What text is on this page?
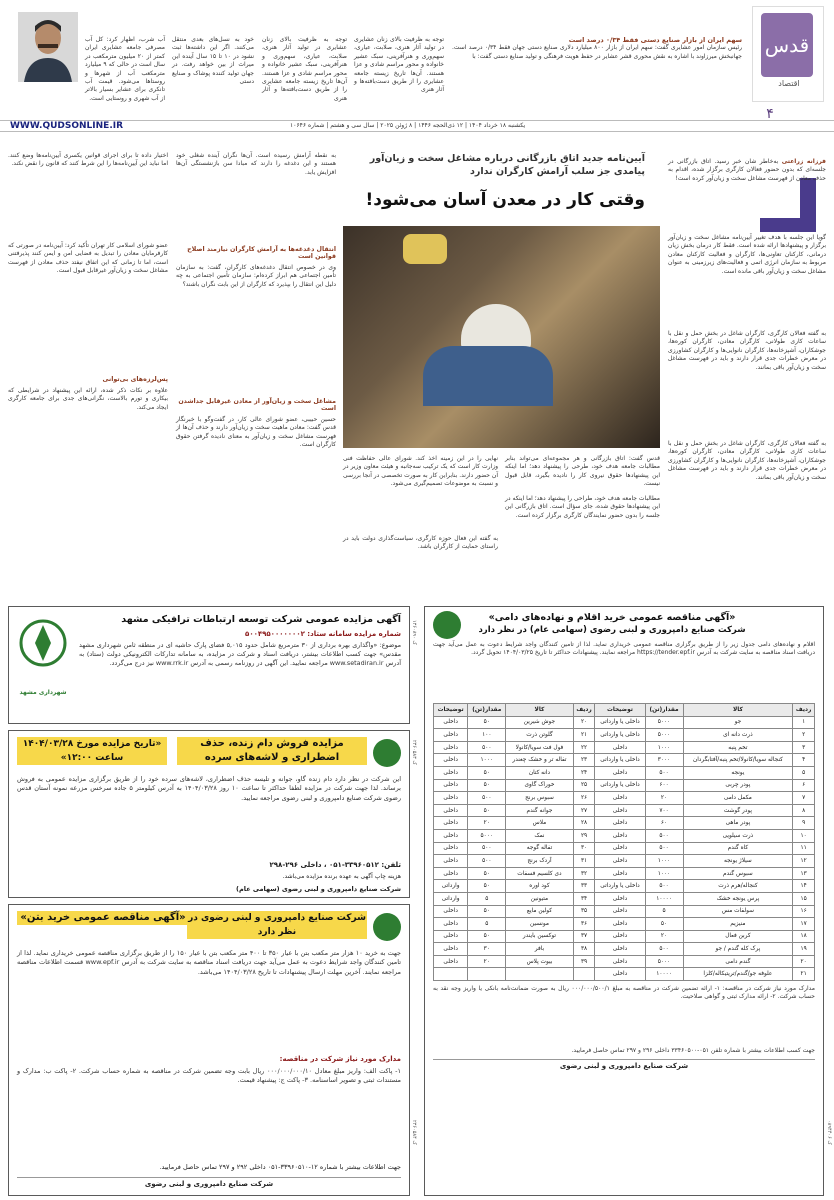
قدس
اقتصاد
۴
آب شرب، اظهار کرد: کل آب مصرفی جامعه عشایری ایران کمتر از ۲۰ میلیون مترمکعب در سال است در حالی که ۹ میلیارد مترمکعب آب از شهرها و روستاها می‌شود. قیمت آب تانکری برای عشایر بسیار بالاتر از آب شهری و روستایی است.
خود به نسل‌های بعدی منتقل می‌کنند. اگر این داشته‌ها ثبت نشود در ۱۰ تا ۱۵ سال آینده این میراث از بین خواهد رفت. در جهان تولید کننده پوشاک و صنایع دستی
توجه به ظرفیت بالای زنان عشایری در تولید آثار هنری، صلابت، عیاری، سهم‌وری و هنرآفرینی، سبک عشیر خانواده و محور مراسم شادی و عزا هستند. آن‌ها تاریخ زیسته جامعه عشایری را از طریق دست‌بافته‌ها و آثار هنری
توجه به ظرفیت بالای زنان عشایری در تولید آثار هنری، صلابت، عیاری، سهم‌وری و هنرآفرینی، سبک عشیر خانواده و محور مراسم شادی و عزا هستند. آن‌ها تاریخ زیسته جامعه عشایری را از طریق دست‌بافته‌ها و آثار هنری
سهم ایران از بازار صنایع دستی فقط ۰/۳۴ درصد است
رئیس سازمان امور عشایری گفت: سهم ایران از بازار ۸۰۰ میلیارد دلاری صنایع دستی جهان فقط ۰/۳۴ درصد است. جهانبخش میرزاوند با اشاره به نقش محوری قشر عشایر در حفظ هویت فرهنگی و تولید صنایع دستی گفت: با
WWW.QUDSONLINE.IR	یکشنبه ۱۸ خرداد ۱۴۰۴ | ۱۲ ذی‌الحجه ۱۴۴۶ | ۸ ژوئن ۲۰۲۵ | سال سی و هشتم | شماره ۱۰۶۴۶
آیین‌نامه جدید اتاق بازرگانی درباره مشاغل سخت و زیان‌آور پیامدی جز سلب آرامش کارگران ندارد
وقتی کار در معدن آسان می‌شود!
فرزانه زراعتی به‌خاطر شان خبر رسید. اتاق بازرگانی در جلسه‌ای که بدون حضور فعالان کارگری برگزار شده، اقدام به حذف معادن از فهرست مشاغل سخت و زیان‌آور کرده است!
گویا این جلسه با هدف تغییر آیین‌نامه مشاغل سخت و زیان‌آور برگزار و پیشنهادها ارائه شده است. فقط کار درمان بخش زیان درمانی، کارکنان تعاونی‌ها، کارگران و فعالیت کارکنان معادن مربوط به سازمان انرژی اتمی و فعالیت‌های زیرزمینی به عنوان مشاغل سخت و زیان‌آور باقی مانده است.
به گفته فعالان کارگری، کارگران شاغل در بخش حمل و نقل با ساعات کاری طولانی، کارگران معادن، کارگران کوره‌ها، جوشکاران، آشپزخانه‌ها، کارگران نانوایی‌ها و کارگران کشاورزی در معرض خطرات جدی قرار دارند و باید در فهرست مشاغل سخت و زیان‌آور باقی بمانند.
به گفته فعالان کارگری، کارگران شاغل در بخش حمل و نقل با ساعات کاری طولانی، کارگران معادن، کارگران کوره‌ها، جوشکاران، آشپزخانه‌ها، کارگران نانوایی‌ها و کارگران کشاورزی در معرض خطرات جدی قرار دارند و باید در فهرست مشاغل سخت و زیان‌آور باقی بمانند.
قدس گفت: اتاق بازرگانی و هر مجموعه‌ای می‌تواند بنابر مطالبات جامعه هدف خود، طرحی را پیشنهاد دهد؛ اما اینکه این پیشنهادها حقوق نیروی کار را نادیده بگیرد، قابل قبول نیست.
مطالبات جامعه هدف خود، طراحی را پیشنهاد دهد؛ اما اینکه در این پیشنهادها حقوق شده، جای سؤال است. اتاق بازرگانی این جلسه را بدون حضور نمایندگان کارگری برگزار کرده است.
نهایی را در این زمینه اخذ کند. شورای عالی حفاظت فنی وزارت کار است که یک ترکیب سه‌جانبه و هیئت معاون وزیر در آن حضور دارند. بنابراین کار به صورت تخصصی در آنجا بررسی و نسبت به موضوعات تصمیم‌گیری می‌شود.
به گفته این فعال حوزه کارگری، سیاست‌گذاری دولت باید در راستای حمایت از کارگران باشد.
به نقطه آرامش رسیده است. آن‌ها نگران آینده شغلی خود هستند و این دغدغه را دارند که مبادا سن بازنشستگی آن‌ها افزایش یابد.
انتقال دغدغه‌ها به آرامش کارگران نیازمند اصلاح قوانین است
وی در خصوص انتقال دغدغه‌های کارگران، گفت: به سازمان تأمین اجتماعی هم ابراز کرده‌ام: سازمان تأمین اجتماعی به چه دلیل این انتقال را بپذیرد که کارگران از این بابت نگران باشند؟
مشاغل سخت و زیان‌آور از معادن غیرقابل جداشدن است
حسین حبیبی، عضو شورای عالی کار، در گفت‌وگو با خبرنگار قدس گفت: معادن ماهیت سخت و زیان‌آور دارند و حذف آن‌ها از فهرست مشاغل سخت و زیان‌آور به معنای نادیده گرفتن حقوق کارگران است.
اختیار داده تا برای اجرای قوانین یکسری آیین‌نامه‌ها وضع کنند. اما نباید این آیین‌نامه‌ها را این شرط کنند که قانون را نقض نکند.
عضو شورای اسلامی کار تهران تأکید کرد: آیین‌نامه در صورتی که کارفرمایان معادن را تبدیل به فضایی امن و ایمن کنند پذیرفتنی است، اما تا زمانی که این اتفاق نیفتد حذف معادن از فهرست مشاغل سخت و زیان‌آور غیرقابل قبول است.
پس‌لرزه‌های بی‌توانی
علاوه بر نکات ذکر شده، ارائه این پیشنهاد در شرایطی که بیکاری و تورم بالاست، نگرانی‌های جدی برای جامعه کارگری ایجاد می‌کند.
«آگهی مناقصه عمومی خرید اقلام و نهاده‌های دامی»
شرکت صنایع دامپروری و لبنی رضوی (سهامی عام) در نظر دارد
اقلام و نهاده‌های دامی جدول زیر را از طریق برگزاری مناقصه عمومی خریداری نماید. لذا از تامین کنندگان واجد شرایط دعوت به عمل می‌آید جهت دریافت اسناد مناقصه به سایت شرکت به آدرس https://tender.epf.ir مراجعه نمایند. پیشنهادات حداکثر تا تاریخ ۱۴۰۴/۰۳/۲۵ تحویل گردد.
ردیف	کالا	مقدار(تن)	توضیحات	ردیف	کالا	مقدار(تن)	توضیحات
۱	جو	۵۰۰۰	داخلی یا وارداتی	۲۰	جوش شیرین	۵۰	داخلی
۲	ذرت دانه ای	۵۰۰۰	داخلی یا وارداتی	۲۱	گلوتن ذرت	۱۰۰	داخلی
۳	تخم پنبه	۱۰۰۰	داخلی	۲۲	فول فت سویا/کانولا	۵۰۰	داخلی
۴	کنجاله سویا/کانولا/تخم پنبه/آفتابگردان	۳۰۰۰	داخلی یا وارداتی	۲۳	تفاله تر و خشک چغندر	۱۰۰۰	داخلی
۵	یونجه	۵۰۰	داخلی	۲۴	دانه کتان	۵۰	داخلی
۶	پودر چربی	۶۰۰	داخلی یا وارداتی	۲۵	خوراک گاوی	۵۰	داخلی
۷	مکمل دامی	۲۰	داخلی	۲۶	سبوس برنج	۵۰۰	داخلی
۸	پودر گوشت	۷۰۰	داخلی	۲۷	جوانه گندم	۵۰	داخلی
۹	پودر ماهی	۶۰	داخلی	۲۸	ملاس	۲۰	داخلی
۱۰	ذرت سیلویی	۵۰۰	داخلی	۲۹	نمک	۵۰۰۰	داخلی
۱۱	کاه گندم	۵۰۰	داخلی	۳۰	تفاله گوجه	۵۰۰	داخلی
۱۲	سیلاژ یونجه	۱۰۰۰	داخلی	۳۱	آردک برنج	۵۰۰	داخلی
۱۳	سبوس گندم	۱۰۰۰	داخلی	۳۲	دی کلسیم فسفات	۵۰	داخلی
۱۴	کنجاله/هرم ذرت	۵۰۰	داخلی یا وارداتی	۳۳	کود اوره	۵۰	وارداتی
۱۵	پرس یونجه خشک	۱۰۰۰۰	داخلی	۳۴	متیونین	۵	وارداتی
۱۶	سولفات مس	۵	داخلی	۳۵	کولین مایع	۵۰	داخلی
۱۷	منیزیم	۵۰	داخلی	۳۶	مونسین	۵	داخلی
۱۸	کربن فعال	۲۰	داخلی	۳۷	توکسین بایندر	۵۰	داخلی
۱۹	پرک کله گندم / جو	۵۰۰	داخلی	۳۸	بافر	۳۰	داخلی
۲۰	گندم دامی	۵۰۰۰	داخلی	۳۹	بیوت پلاس	۲۰	داخلی
۲۱	علوفه جو/گندم/تریتیکاله/کلزا	۱۰۰۰۰	داخلی				
مدارک مورد نیاز شرکت در مناقصه: ۱- ارائه تضمین شرکت در مناقصه به مبلغ ۰۰۰/۰۰۰/۵۰۰/۱ ریال به صورت ضمانت‌نامه بانکی یا واریز وجه نقد به حساب شرکت. ۲- ارائه مدارک ثبتی و گواهی صلاحیت.
جهت کسب اطلاعات بیشتر با شماره تلفن ۰۵۱-۳۳۴۶۰۵۰۰ داخلی ۲۹۶ و ۲۹۷ تماس حاصل فرمایید.
شرکت صنایع دامپروری و لبنی رضوی
شهرداری مشهد
آگهی مزایده عمومی شرکت توسعه ارتباطات ترافیکی مشهد
شماره مزایده سامانه ستاد: ۵۰۰۴۹۵۰۰۰۰۰۰۰۲
موضوع: «واگذاری بهره برداری از ۳۰ مترمربع شامل حدود ۵,۰۱۵ فضای پارک حاشیه ای در منطقه ثامن شهرداری مشهد مقدس» جهت کسب اطلاعات بیشتر، دریافت اسناد و شرکت در مزایده، به سامانه تدارکات الکترونیکی دولت (ستاد) به آدرس www.setadiran.ir مراجعه نمایید. این آگهی در روزنامه رسمی به آدرس www.rrk.ir نیز درج می‌گردد.
مزایده فروش دام زنده، حذف اضطراری و لاشه‌های سرده
«تاریخ مزایده مورخ ۱۴۰۴/۰۳/۲۸ ساعت ۱۲:۰۰»
این شرکت در نظر دارد دام زنده گاو، جوانه و تلیسه حذف اضطراری، لاشه‌های سرده خود را از طریق برگزاری مزایده عمومی به فروش برساند. لذا جهت شرکت در مزایده لطفا حداکثر تا ساعت ۱۰ روز ۱۴۰۴/۰۳/۲۸ به آدرس کیلومتر ۵ جاده سرخس مزرعه نمونه آستان قدس رضوی شرکت صنایع دامپروری و لبنی رضوی مراجعه نمایید.
تلفن: ۳۳۹۶۰۵۱۲-۰۵۱ ، داخلی ۲۹۶-۲۹۸
هزینه چاپ آگهی به عهده برنده مزایده می‌باشد.
شرکت صنایع دامپروری و لبنی رضوی (سهامی عام)
«آگهی مناقصه عمومی خرید بتن» شرکت صنایع دامپروری و لبنی رضوی در نظر دارد
جهت به خرید ۱۰ هزار متر مکعب بتن با عیار ۳۵۰ تا ۴۰۰ متر مکعب بتن با عیار ۱۵۰ را از طریق برگزاری مناقصه عمومی خریداری نماید. لذا از تامین کنندگان واجد شرایط دعوت به عمل می‌آید جهت دریافت اسناد مناقصه به سایت شرکت به آدرس www.epf.ir قسمت اطلاعات مناقصه مراجعه نمایند. آخرین مهلت ارسال پیشنهادات تا تاریخ ۱۴۰۴/۰۳/۲۸ می‌باشد.
مدارک مورد نیاز شرکت در مناقصه:
۱- پاکت الف: واریز مبلغ معادل ۰۰۰/۰۰۰/۰۰۰/۱۰ ریال بابت وجه تضمین شرکت در مناقصه به شماره حساب شرکت. ۲- پاکت ب: مدارک و مستندات ثبتی و تصویر اساسنامه. ۳- پاکت ج: پیشنهاد قیمت.
جهت اطلاعات بیشتر با شماره ۱۲-۳۳۹۶۰۵۱۰-۰۵۱ داخلی ۲۹۲ و ۲۹۷ تماس حاصل فرمایید.
شرکت صنایع دامپروری و لبنی رضوی
ک ۰۸۹۴۴۰۶
ک ۱۳۶۰۸۹۰
ک ۲۳۶۰۵۸۳
ک ۲۳۶۰۵۸۴
